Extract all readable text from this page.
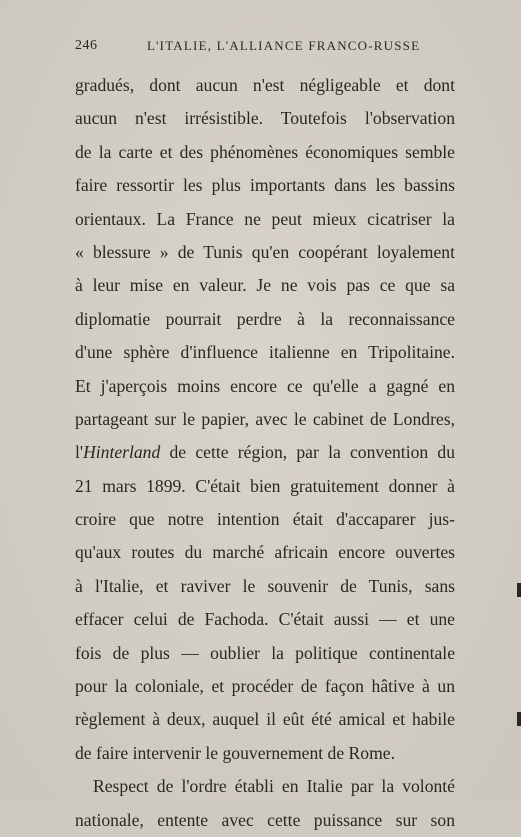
246	L'ITALIE, L'ALLIANCE FRANCO-RUSSE
gradués, dont aucun n'est négligeable et dont
aucun n'est irrésistible. Toutefois l'observation
de la carte et des phénomènes économiques semble
faire ressortir les plus importants dans les bassins
orientaux. La France ne peut mieux cicatriser la
« blessure » de Tunis qu'en coopérant loyalement
à leur mise en valeur. Je ne vois pas ce que sa
diplomatie pourrait perdre à la reconnaissance
d'une sphère d'influence italienne en Tripolitaine.
Et j'aperçois moins encore ce qu'elle a gagné en
partageant sur le papier, avec le cabinet de Londres,
l'Hinterland de cette région, par la convention du
21 mars 1899. C'était bien gratuitement donner à
croire que notre intention était d'accaparer jus-
qu'aux routes du marché africain encore ouvertes
à l'Italie, et raviver le souvenir de Tunis, sans
effacer celui de Fachoda. C'était aussi — et une
fois de plus — oublier la politique continentale
pour la coloniale, et procéder de façon hâtive à un
règlement à deux, auquel il eût été amical et habile
de faire intervenir le gouvernement de Rome.
Respect de l'ordre établi en Italie par la volonté
nationale, entente avec cette puissance sur son
